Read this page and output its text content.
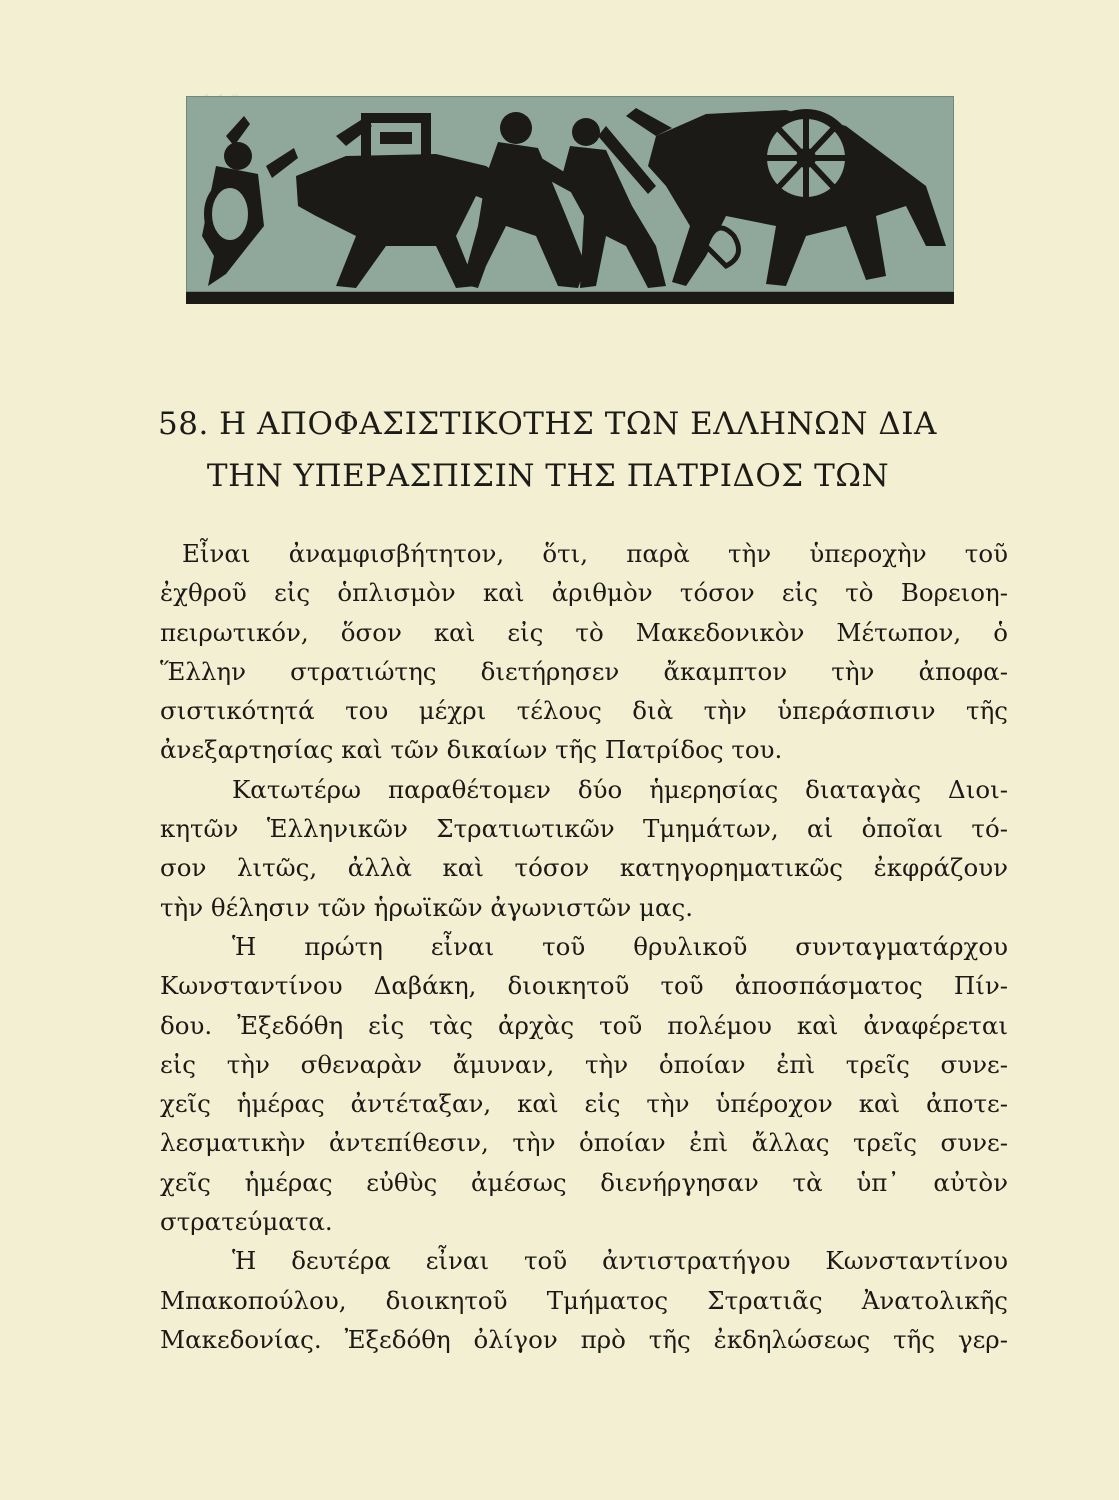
58. Η ΑΠΟΦΑΣΙΣΤΙΚΟΤΗΣ ΤΩΝ ΕΛΛΗΝΩΝ ΔΙΑ
ΤΗΝ ΥΠΕΡΑΣΠΙΣΙΝ ΤΗΣ ΠΑΤΡΙΔΟΣ ΤΩΝ
Εἶναι ἀναμφισβήτητον, ὅτι, παρὰ τὴν ὑπεροχὴν τοῦ
ἐχθροῦ εἰς ὁπλισμὸν καὶ ἀριθμὸν τόσον εἰς τὸ Βορειοη-
πειρωτικόν, ὅσον καὶ εἰς τὸ Μακεδονικὸν Μέτωπον, ὁ
Ἕλλην στρατιώτης διετήρησεν ἄκαμπτον τὴν ἀποφα-
σιστικότητά του μέχρι τέλους διὰ τὴν ὑπεράσπισιν τῆς
ἀνεξαρτησίας καὶ τῶν δικαίων τῆς Πατρίδος του.
Κατωτέρω παραθέτομεν δύο ἡμερησίας διαταγὰς Διοι-
κητῶν Ἑλληνικῶν Στρατιωτικῶν Τμημάτων, αἱ ὁποῖαι τό-
σον λιτῶς, ἀλλὰ καὶ τόσον κατηγορηματικῶς ἐκφράζουν
τὴν θέλησιν τῶν ἡρωϊκῶν ἀγωνιστῶν μας.
Ἡ πρώτη εἶναι τοῦ θρυλικοῦ συνταγματάρχου
Κωνσταντίνου Δαβάκη, διοικητοῦ τοῦ ἀποσπάσματος Πίν-
δου. Ἐξεδόθη εἰς τὰς ἀρχὰς τοῦ πολέμου καὶ ἀναφέρεται
εἰς τὴν σθεναρὰν ἄμυναν, τὴν ὁποίαν ἐπὶ τρεῖς συνε-
χεῖς ἡμέρας ἀντέταξαν, καὶ εἰς τὴν ὑπέροχον καὶ ἀποτε-
λεσματικὴν ἀντεπίθεσιν, τὴν ὁποίαν ἐπὶ ἄλλας τρεῖς συνε-
χεῖς ἡμέρας εὐθὺς ἀμέσως διενήργησαν τὰ ὑπ᾽ αὐτὸν
στρατεύματα.
Ἡ δευτέρα εἶναι τοῦ ἀντιστρατήγου Κωνσταντίνου
Μπακοπούλου, διοικητοῦ Τμήματος Στρατιᾶς Ἀνατολικῆς
Μακεδονίας. Ἐξεδόθη ὀλίγον πρὸ τῆς ἐκδηλώσεως τῆς γερ-
